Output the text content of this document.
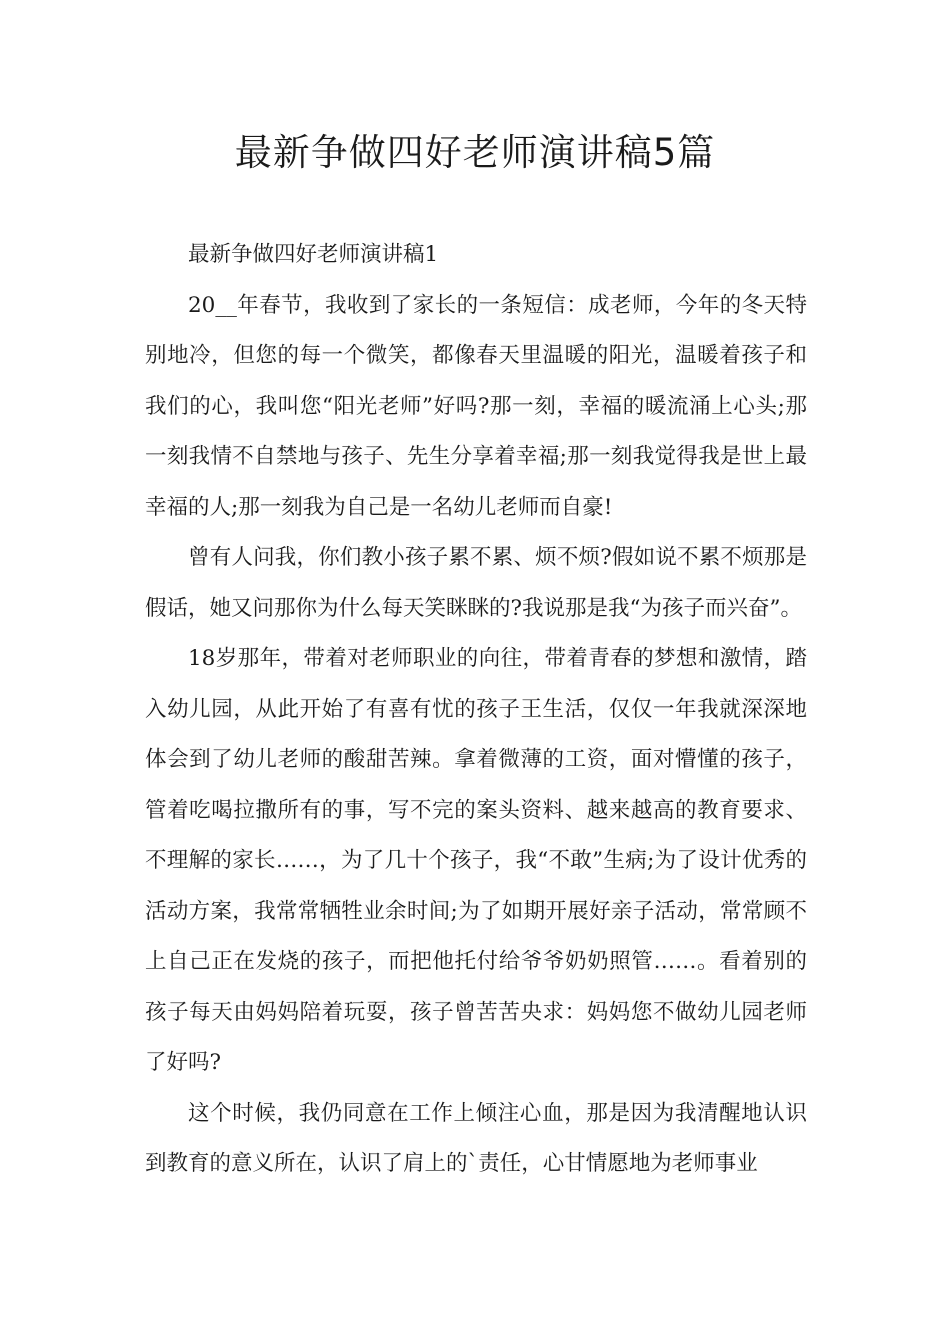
最新争做四好老师演讲稿5篇

最新争做四好老师演讲稿1

20__年春节，我收到了家长的一条短信：成老师，今年的冬天特别地冷，但您的每一个微笑，都像春天里温暖的阳光，温暖着孩子和我们的心，我叫您“阳光老师”好吗?那一刻，幸福的暖流涌上心头;那一刻我情不自禁地与孩子、先生分享着幸福;那一刻我觉得我是世上最幸福的人;那一刻我为自己是一名幼儿老师而自豪!

曾有人问我，你们教小孩子累不累、烦不烦?假如说不累不烦那是假话，她又问那你为什么每天笑眯眯的?我说那是我“为孩子而兴奋”。

18岁那年，带着对老师职业的向往，带着青春的梦想和激情，踏入幼儿园，从此开始了有喜有忧的孩子王生活，仅仅一年我就深深地体会到了幼儿老师的酸甜苦辣。拿着微薄的工资，面对懵懂的孩子，管着吃喝拉撒所有的事，写不完的案头资料、越来越高的教育要求、不理解的家长……，为了几十个孩子，我“不敢”生病;为了设计优秀的活动方案，我常常牺牲业余时间;为了如期开展好亲子活动，常常顾不上自己正在发烧的孩子，而把他托付给爷爷奶奶照管……。看着别的孩子每天由妈妈陪着玩耍，孩子曾苦苦央求：妈妈您不做幼儿园老师了好吗?

这个时候，我仍同意在工作上倾注心血，那是因为我清醒地认识到教育的意义所在，认识了肩上的`责任，心甘情愿地为老师事业
